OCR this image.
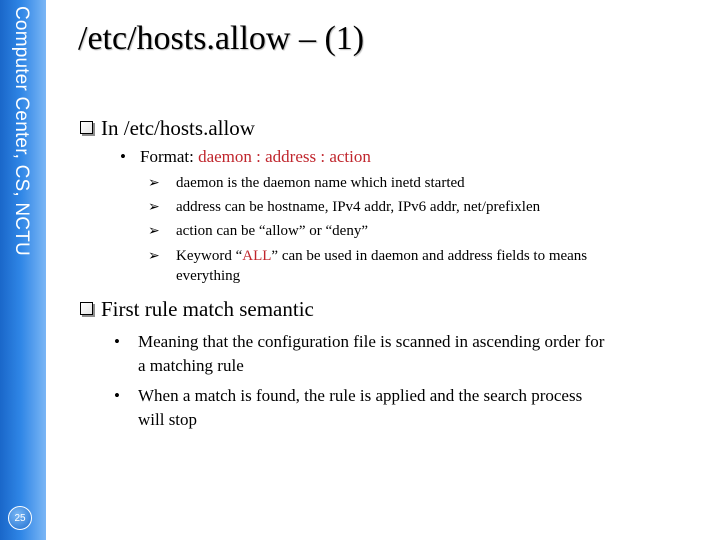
Computer Center, CS, NCTU
25
/etc/hosts.allow – (1)
In /etc/hosts.allow
• Format: daemon : address : action
➢	daemon is the daemon name which inetd started
➢	address can be hostname, IPv4 addr, IPv6 addr, net/prefixlen
➢	action can be “allow” or “deny”
➢	Keyword “ALL” can be used in daemon and address fields to means
everything
First rule match semantic
•	Meaning that the configuration file is scanned in ascending order for
a matching rule
•	When a match is found, the rule is applied and the search process
will stop
